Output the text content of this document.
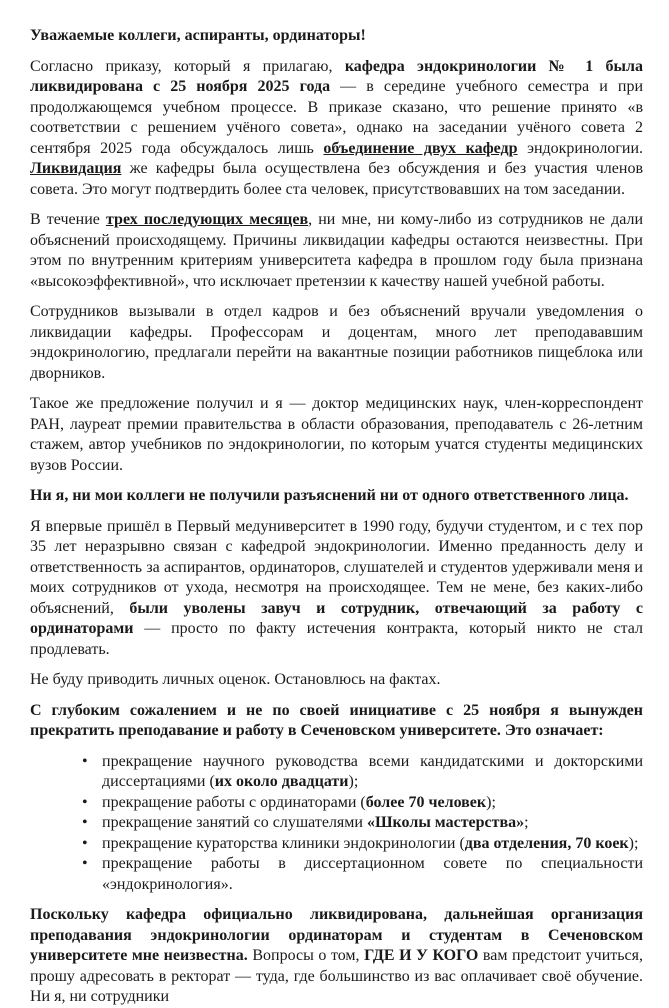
Уважаемые коллеги, аспиранты, ординаторы!

Согласно приказу, который я прилагаю, кафедра эндокринологии № 1 была ликвидирована с 25 ноября 2025 года — в середине учебного семестра и при продолжающемся учебном процессе. В приказе сказано, что решение принято «в соответствии с решением учёного совета», однако на заседании учёного совета 2 сентября 2025 года обсуждалось лишь объединение двух кафедр эндокринологии. Ликвидация же кафедры была осуществлена без обсуждения и без участия членов совета. Это могут подтвердить более ста человек, присутствовавших на том заседании.

В течение трех последующих месяцев, ни мне, ни кому-либо из сотрудников не дали объяснений происходящему. Причины ликвидации кафедры остаются неизвестны. При этом по внутренним критериям университета кафедра в прошлом году была признана «высокоэффективной», что исключает претензии к качеству нашей учебной работы.

Сотрудников вызывали в отдел кадров и без объяснений вручали уведомления о ликвидации кафедры. Профессорам и доцентам, много лет преподававшим эндокринологию, предлагали перейти на вакантные позиции работников пищеблока или дворников.

Такое же предложение получил и я — доктор медицинских наук, член-корреспондент РАН, лауреат премии правительства в области образования, преподаватель с 26-летним стажем, автор учебников по эндокринологии, по которым учатся студенты медицинских вузов России.

Ни я, ни мои коллеги не получили разъяснений ни от одного ответственного лица.

Я впервые пришёл в Первый медуниверситет в 1990 году, будучи студентом, и с тех пор 35 лет неразрывно связан с кафедрой эндокринологии. Именно преданность делу и ответственность за аспирантов, ординаторов, слушателей и студентов удерживали меня и моих сотрудников от ухода, несмотря на происходящее. Тем не мене, без каких-либо объяснений, были уволены завуч и сотрудник, отвечающий за работу с ординаторами — просто по факту истечения контракта, который никто не стал продлевать.

Не буду приводить личных оценок. Остановлюсь на фактах.

С глубоким сожалением и не по своей инициативе с 25 ноября я вынужден прекратить преподавание и работу в Сеченовском университете. Это означает:

• прекращение научного руководства всеми кандидатскими и докторскими диссертациями (их около двадцати);
• прекращение работы с ординаторами (более 70 человек);
• прекращение занятий со слушателями «Школы мастерства»;
• прекращение кураторства клиники эндокринологии (два отделения, 70 коек);
• прекращение работы в диссертационном совете по специальности «эндокринология».

Поскольку кафедра официально ликвидирована, дальнейшая организация преподавания эндокринологии ординаторам и студентам в Сеченовском университете мне неизвестна. Вопросы о том, ГДЕ И У КОГО вам предстоит учиться, прошу адресовать в ректорат — туда, где большинство из вас оплачивает своё обучение. Ни я, ни сотрудники
